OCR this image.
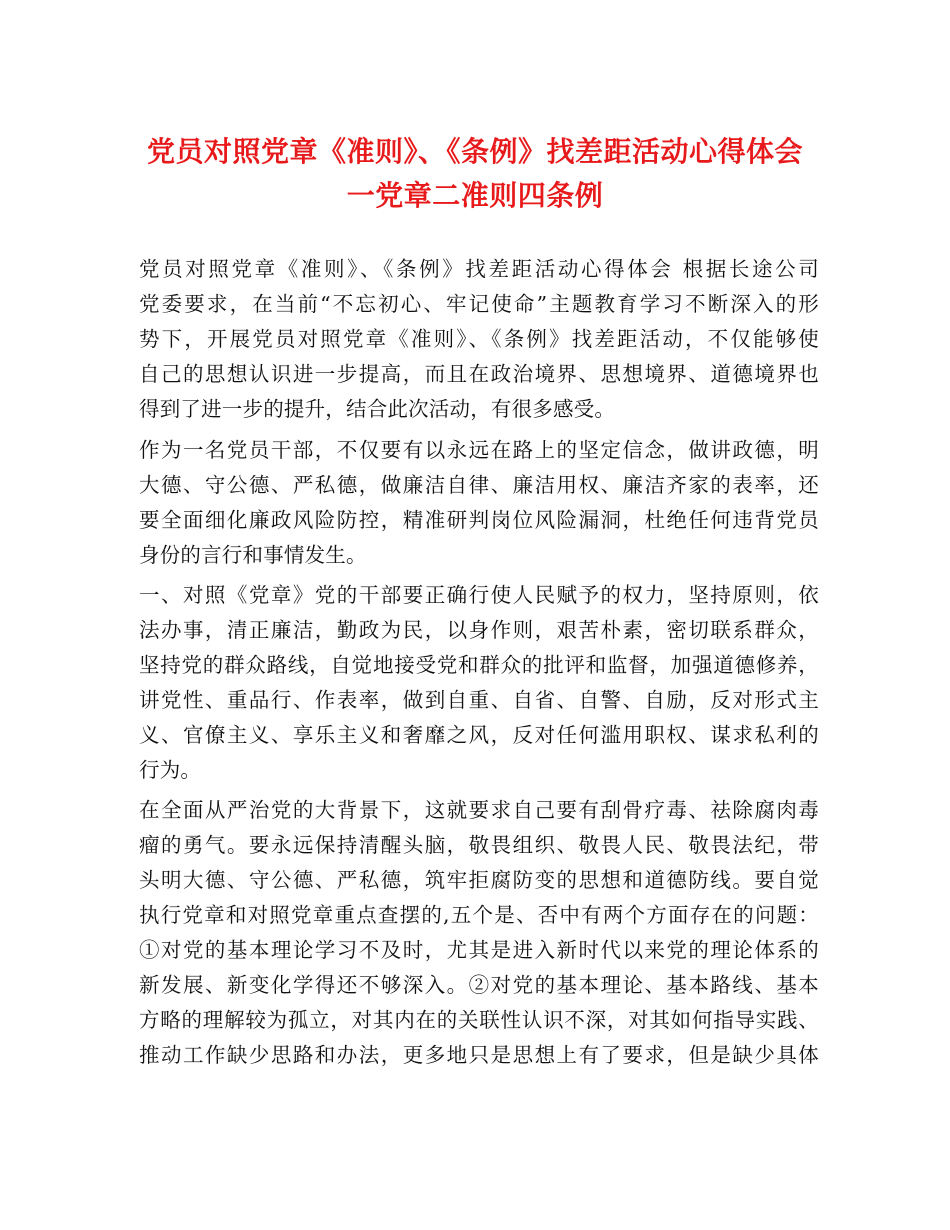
党员对照党章《准则》、《条例》找差距活动心得体会
一党章二准则四条例
党员对照党章《准则》、《条例》找差距活动心得体会 根据长途公司
党委要求，在当前“不忘初心、牢记使命”主题教育学习不断深入的形
势下，开展党员对照党章《准则》、《条例》找差距活动，不仅能够使
自己的思想认识进一步提高，而且在政治境界、思想境界、道德境界也
得到了进一步的提升，结合此次活动，有很多感受。
作为一名党员干部，不仅要有以永远在路上的坚定信念，做讲政德，明
大德、守公德、严私德，做廉洁自律、廉洁用权、廉洁齐家的表率，还
要全面细化廉政风险防控，精准研判岗位风险漏洞，杜绝任何违背党员
身份的言行和事情发生。
一、对照《党章》党的干部要正确行使人民赋予的权力，坚持原则，依
法办事，清正廉洁，勤政为民，以身作则，艰苦朴素，密切联系群众，
坚持党的群众路线，自觉地接受党和群众的批评和监督，加强道德修养，
讲党性、重品行、作表率，做到自重、自省、自警、自励，反对形式主
义、官僚主义、享乐主义和奢靡之风，反对任何滥用职权、谋求私利的
行为。
在全面从严治党的大背景下，这就要求自己要有刮骨疗毒、祛除腐肉毒
瘤的勇气。要永远保持清醒头脑，敬畏组织、敬畏人民、敬畏法纪，带
头明大德、守公德、严私德，筑牢拒腐防变的思想和道德防线。要自觉
执行党章和对照党章重点查摆的,五个是、否中有两个方面存在的问题：
①对党的基本理论学习不及时，尤其是进入新时代以来党的理论体系的
新发展、新变化学得还不够深入。②对党的基本理论、基本路线、基本
方略的理解较为孤立，对其内在的关联性认识不深，对其如何指导实践、
推动工作缺少思路和办法，更多地只是思想上有了要求，但是缺少具体
